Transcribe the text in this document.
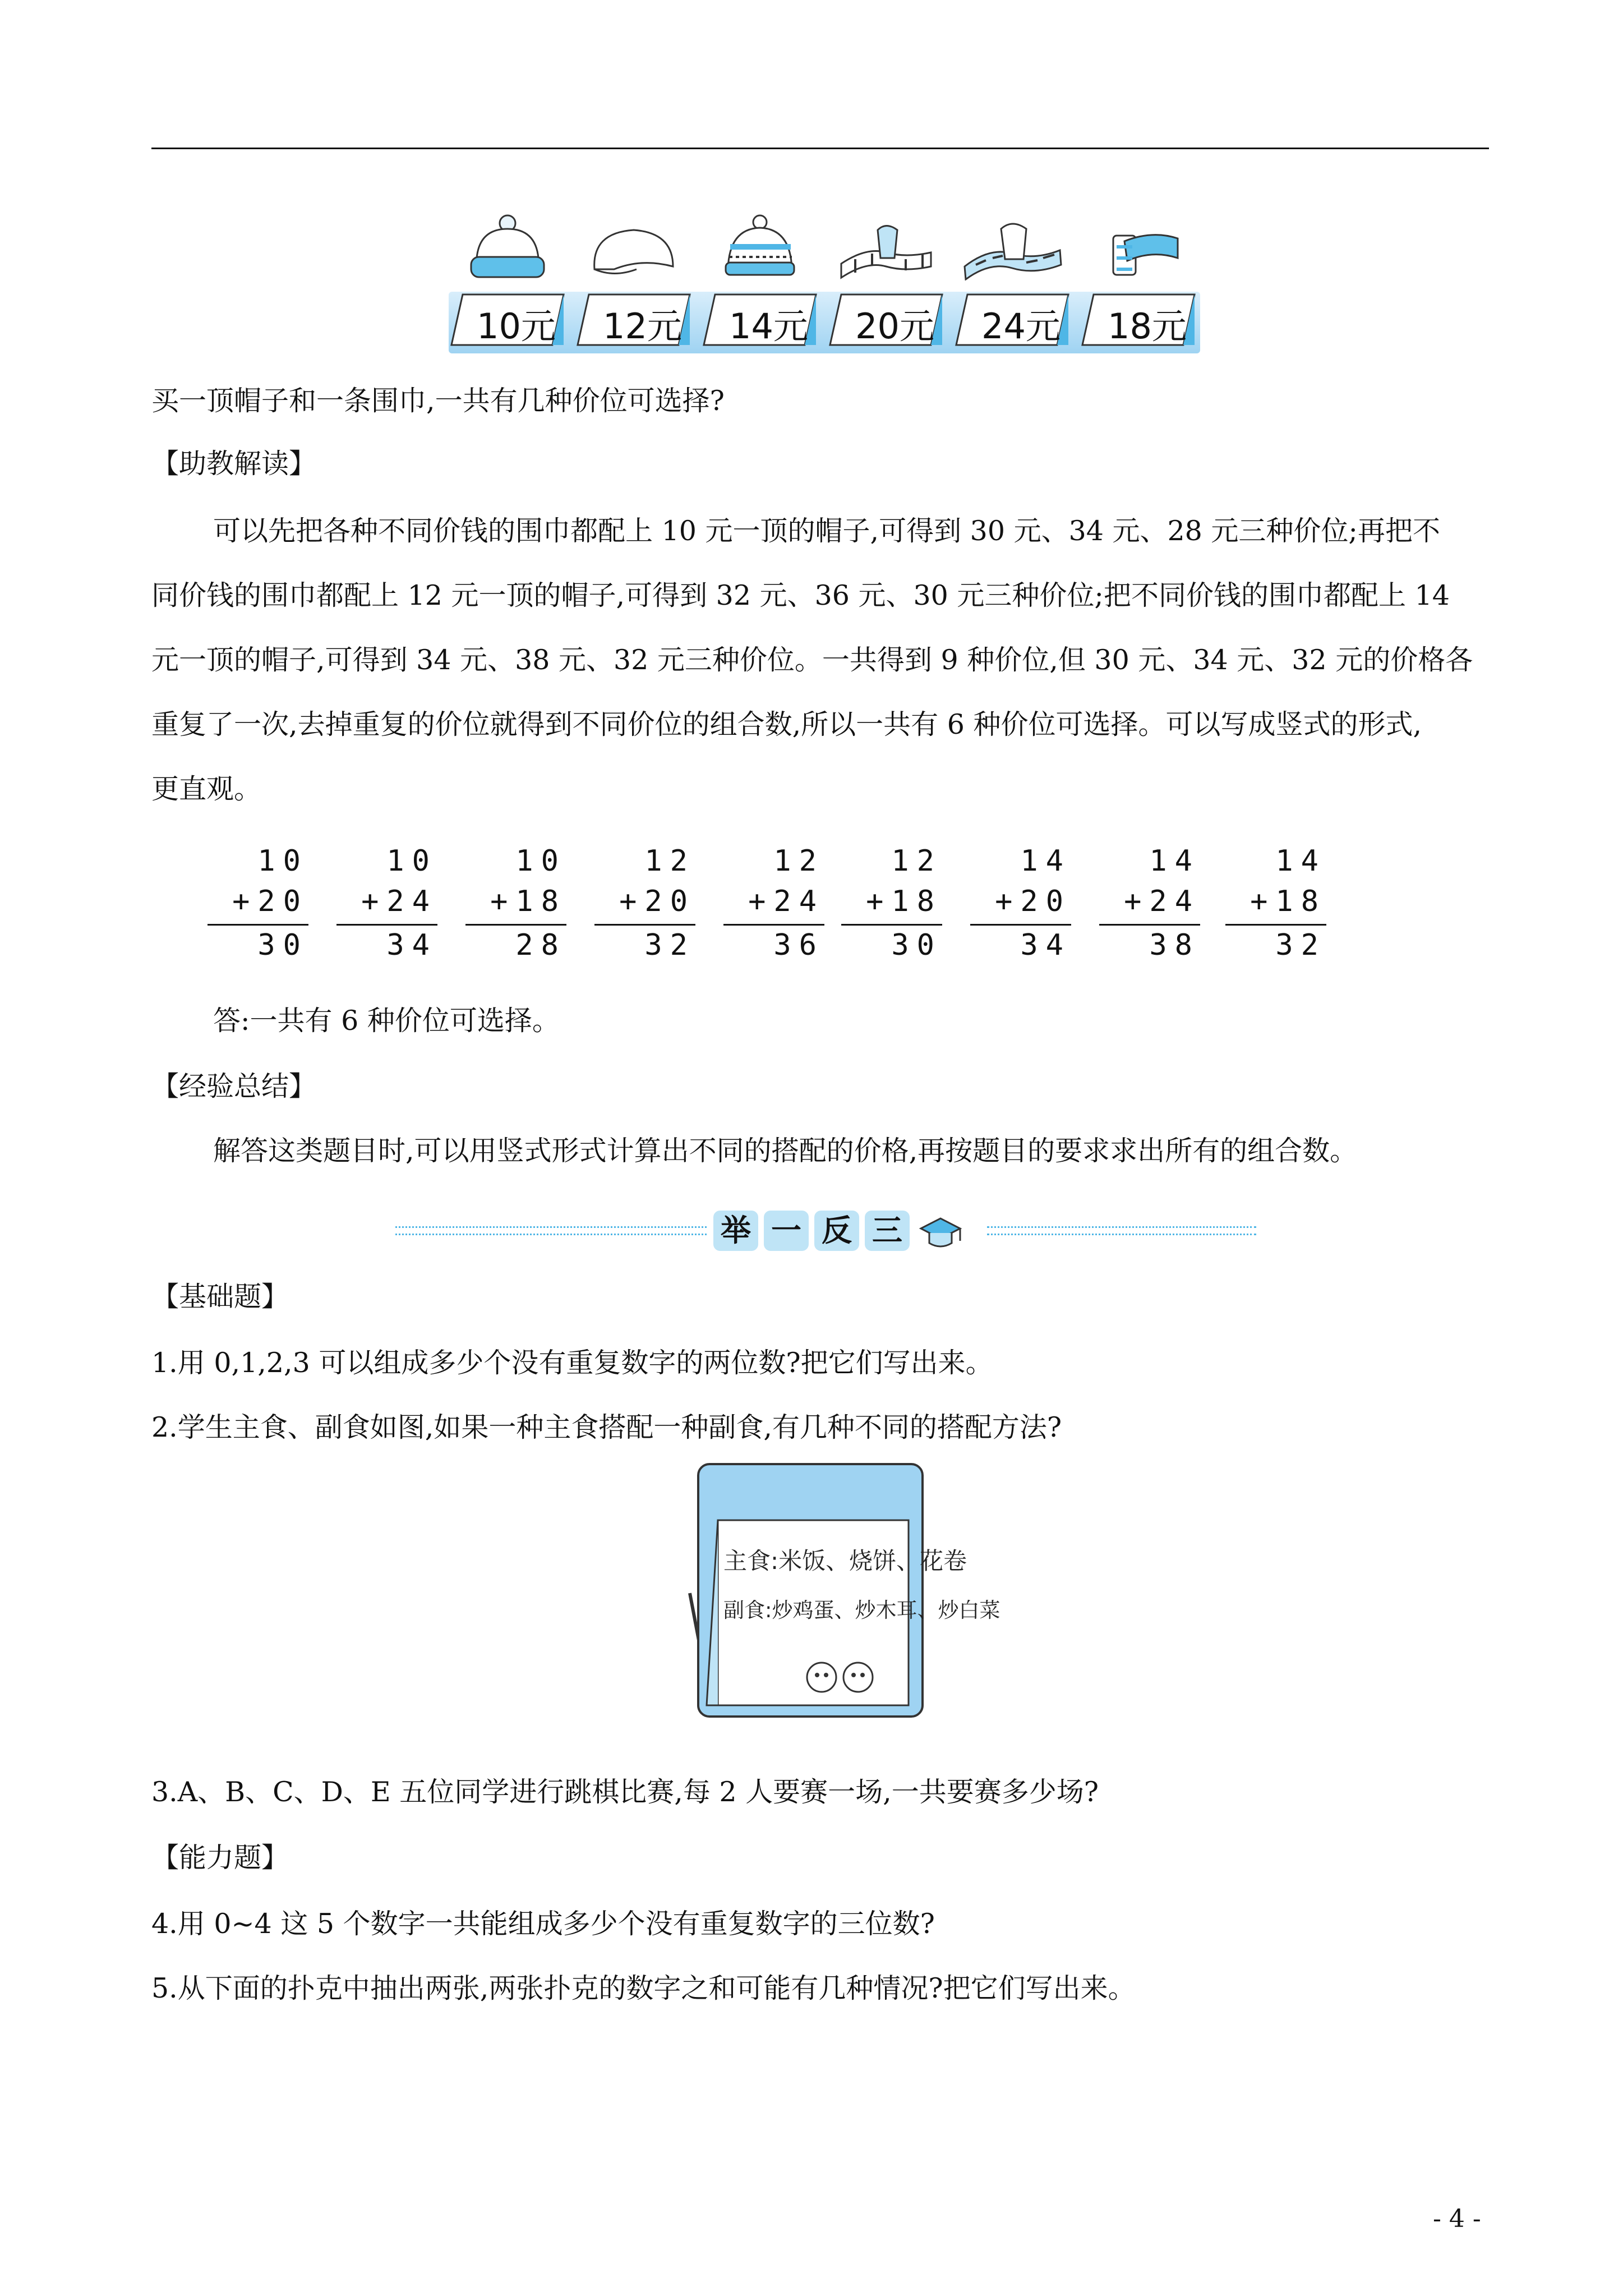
10元 12元 14元 20元 24元 18元
买一顶帽子和一条围巾,一共有几种价位可选择?
【助教解读】
可以先把各种不同价钱的围巾都配上 10 元一顶的帽子,可得到 30 元、34 元、28 元三种价位;再把不
同价钱的围巾都配上 12 元一顶的帽子,可得到 32 元、36 元、30 元三种价位;把不同价钱的围巾都配上 14
元一顶的帽子,可得到 34 元、38 元、32 元三种价位。一共得到 9 种价位,但 30 元、34 元、32 元的价格各
重复了一次,去掉重复的价位就得到不同价位的组合数,所以一共有 6 种价位可选择。可以写成竖式的形式,
更直观。
10
+20
30
10
+24
34
10
+18
28
12
+20
32
12
+24
36
12
+18
30
14
+20
34
14
+24
38
14
+18
32
答:一共有 6 种价位可选择。
【经验总结】
解答这类题目时,可以用竖式形式计算出不同的搭配的价格,再按题目的要求求出所有的组合数。
举 一 反 三
【基础题】
1.用 0,1,2,3 可以组成多少个没有重复数字的两位数?把它们写出来。
2.学生主食、副食如图,如果一种主食搭配一种副食,有几种不同的搭配方法?
主食:米饭、烧饼、花卷
副食:炒鸡蛋、炒木耳、炒白菜
3.A、B、C、D、E 五位同学进行跳棋比赛,每 2 人要赛一场,一共要赛多少场?
【能力题】
4.用 0~4 这 5 个数字一共能组成多少个没有重复数字的三位数?
5.从下面的扑克中抽出两张,两张扑克的数字之和可能有几种情况?把它们写出来。
- 4 -
